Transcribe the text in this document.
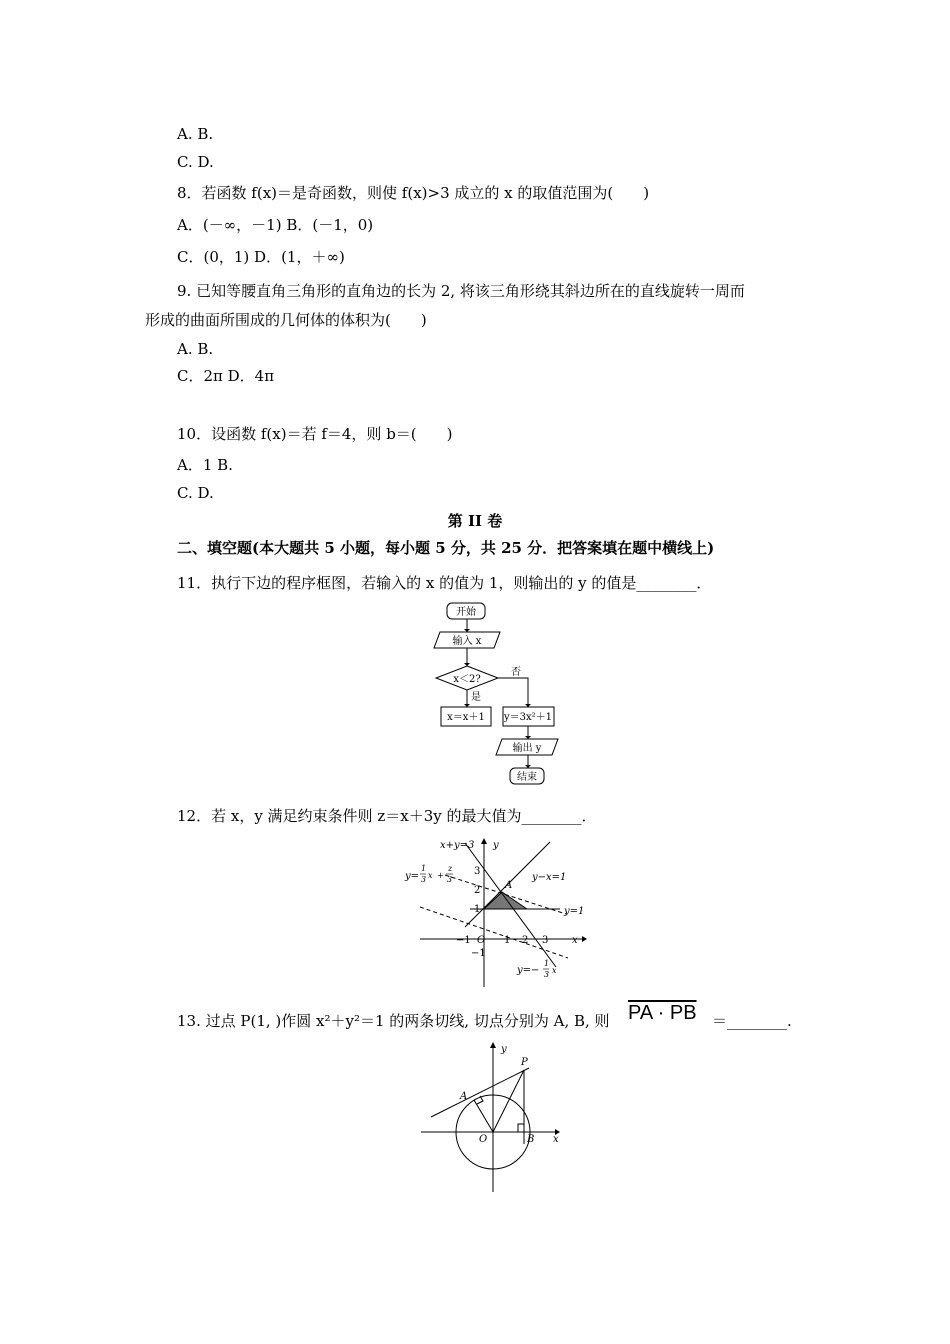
A. B.
C. D.
8．若函数 f(x)＝是奇函数，则使 f(x)>3 成立的 x 的取值范围为(　　)
A．(－∞，－1) B．(－1，0)
C．(0，1) D．(1，＋∞)
9. 已知等腰直角三角形的直角边的长为 2, 将该三角形绕其斜边所在的直线旋转一周而
形成的曲面所围成的几何体的体积为(　　)
A. B.
C．2π D．4π
10．设函数 f(x)＝若 f＝4，则 b＝(　　)
A．1 B.
C. D.
第 II 卷
二、填空题(本大题共 5 小题，每小题 5 分，共 25 分．把答案填在题中横线上)
11．执行下边的程序框图，若输入的 x 的值为 1，则输出的 y 的值是________．
开始
输入 x
x＜2?
否
是
x＝x＋1 y＝3x²＋1
输出 y
结束
12．若 x，y 满足约束条件则 z＝x＋3y 的最大值为________．
x+y=3 y
y=
A
y−x=1
y=1
O	x
y=−
1
3 x +
z
3
1
3 x
3
2
1
−1
−1
1 2 3
13. 过点 P(1, )作圆 x²＋y²＝1 的两条切线, 切点分别为 A, B, 则 PA · PB ＝________.
y
P
A
O	B x
